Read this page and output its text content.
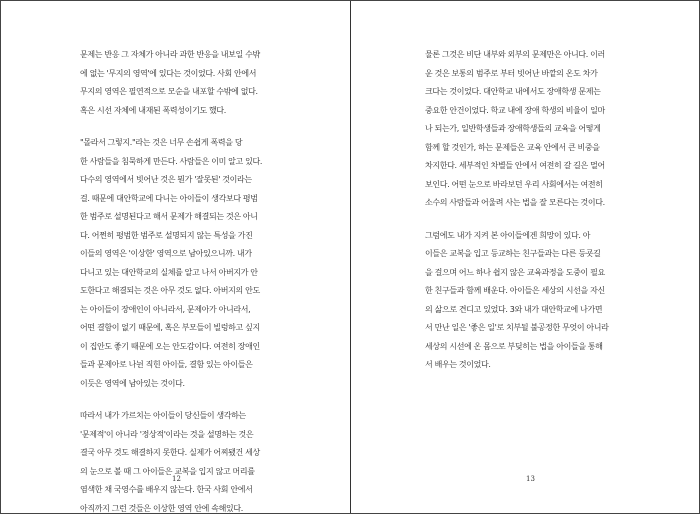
문제는 반응 그 자체가 아니라 과한 반응을 내보일 수밖
에 없는 '무지의 영역'에 있다는 것이었다. 사회 안에서
무지의 영역은 필연적으로 모순을 내포할 수밖에 없다.
혹은 시선 자체에 내재된 폭력성이기도 했다.

"몰라서 그렇지."라는 것은 너무 손쉽게 폭력을 당
한 사람들을 침묵하게 만든다. 사람들은 이미 알고 있다.
다수의 영역에서 빗어난 것은 뭔가 '잘못된' 것이라는
걸. 때문에 대안학교에 다니는 아이들이 생각보다 평범
한 범주로 설명된다고 해서 문제가 해결되는 것은 아니
다. 어쩐히 평범한 범주로 설명되지 않는 특성을 가진
이들의 영역은 '이상한' 영역으로 남아있으니까. 내가
다니고 있는 대안학교의 실체를 알고 나서 아버지가 안
도한다고 해결되는 것은 아무 것도 없다. 아버지의 안도
는 아이들이 장애인이 아니라서, 문제아가 아니라서,
어떤 결함이 없기 때문에, 혹은 부모들이 빌렁하고 싶지
이 집안도 좋기 때문에 오는 안도감이다. 여전히 장애인
들과 문제아로 나뉜 직힌 아이들, 결함 있는 아이들은
이듯은 영역에 남아있는 것이다.

따라서 내가 가르치는 아이들이 당신들이 생각하는
'문제적'이 아니라 '정상적'이라는 것을 설명하는 것은
결국 아무 것도 해결하지 못한다. 실제가 어찌됐건 세상
의 눈으로 볼 때 그 아이들은 교복을 입지 않고 머리를
염색한 채 국영수를 배우지 않는다. 한국 사회 안에서
아직까지 그런 것들은 이상한 영역 안에 속해있다.

12

물론 그것은 비단 내부와 외부의 문제만은 아니다. 이러
운 것은 보통의 범주로 부터 빗어난 바깥의 온도 차가
크다는 것이었다. 대안학교 내에서도 장애학생 문제는
중요한 안건이었다. 학교 내에 장애 학생의 비율이 일마
나 되는가, 일반학생들과 장애학생들의 교육을 어떻게
함께 할 것인가, 하는 문제들은 교육 안에서 큰 비중을
차지한다. 세부적인 차별들 안에서 여전히 갈 길은 멀어
보인다. 어떤 눈으로 바라보던 우리 사회에서는 여전히
소수의 사람들과 어울려 사는 법을 잘 모른다는 것이다.

그럼에도 내가 지켜 본 아이들에겐 희망이 있다. 아
이들은 교복을 입고 등교하는 친구들과는 다른 등굣길
을 걸으며 어느 하나 쉽지 않은 교육과정을 도중이 필요
한 친구들과 함께 배운다. 아이들은 세상의 시선을 자신
의 삶으로 견디고 있었다. 3와 내가 대안학교에 나가면
서 만난 일은 '좋은 일'로 치부될 불공정한 무엇이 아니라
세상의 시선에 온 몸으로 부딪히는 법을 아이들을 통해
서 배우는 것이었다.

13
